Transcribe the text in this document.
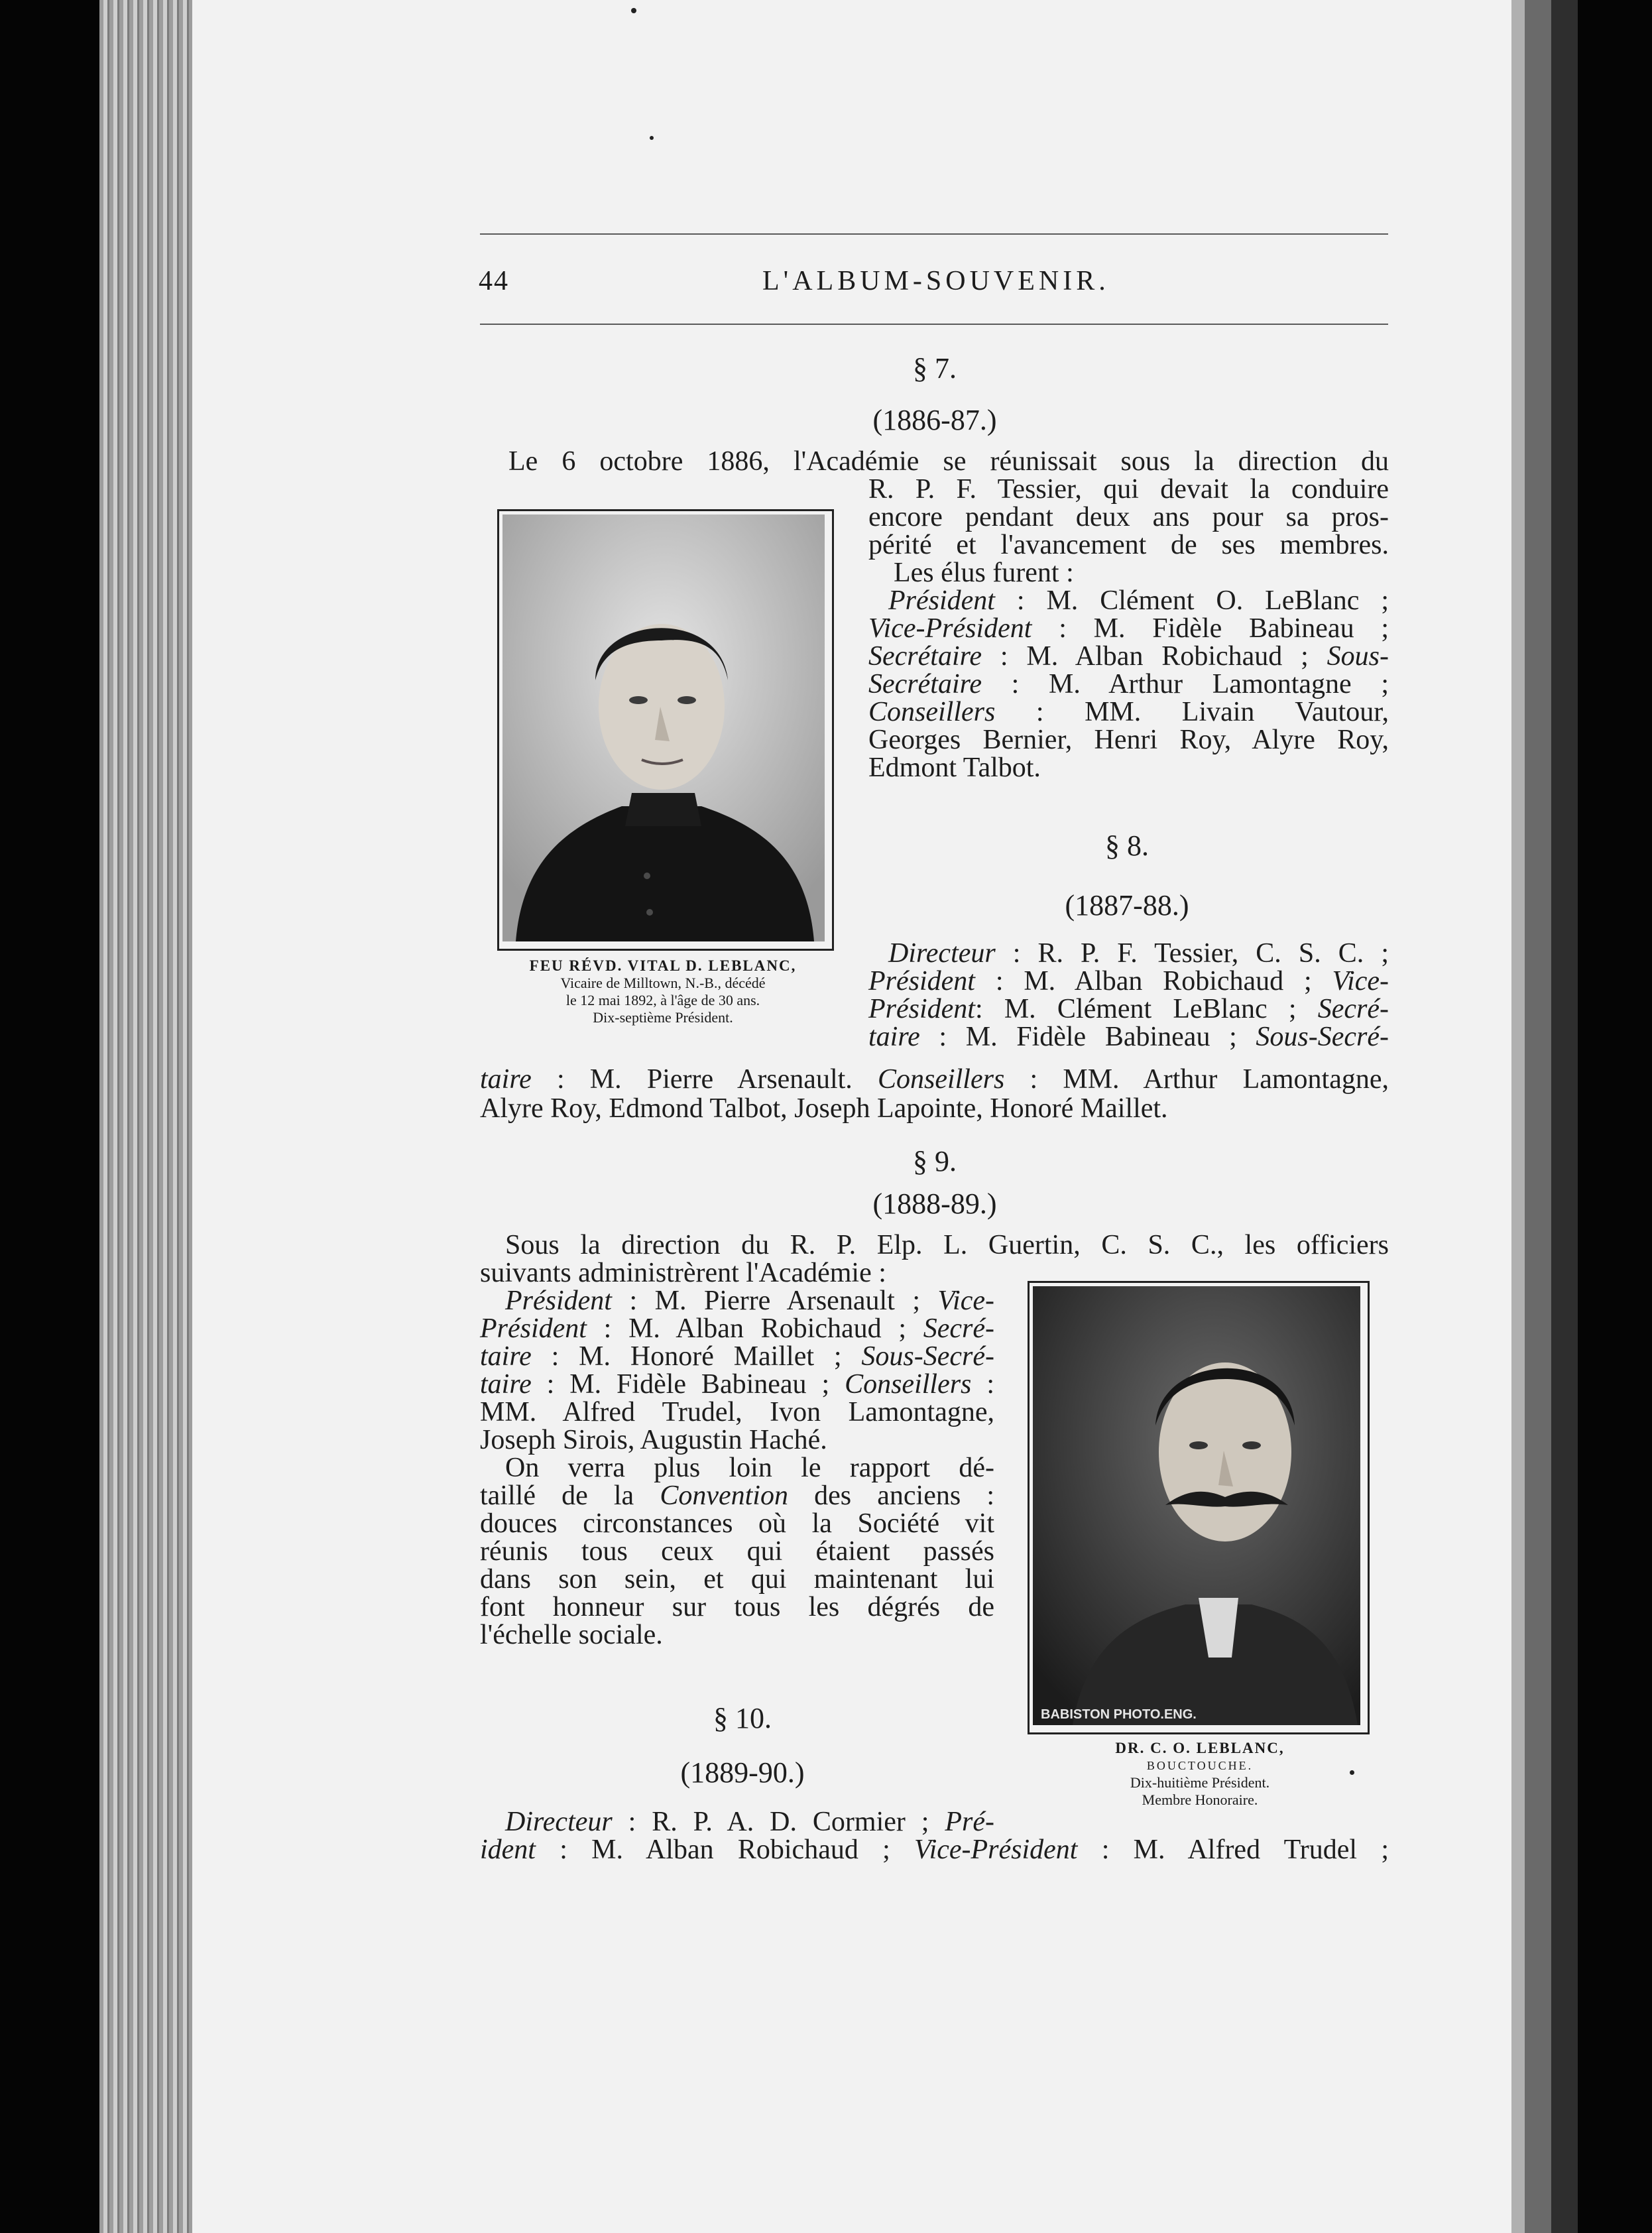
44	L'ALBUM-SOUVENIR.
§ 7.
(1886-87.)
Le 6 octobre 1886, l'Académie se réunissait sous la direction du
R. P. F. Tessier, qui devait la conduire
encore pendant deux ans pour sa pros-
périté et l'avancement de ses membres.
Les élus furent :
Président : M. Clément O. LeBlanc ;
Vice-Président : M. Fidèle Babineau ;
Secrétaire : M. Alban Robichaud ; Sous-
Secrétaire : M. Arthur Lamontagne ;
Conseillers : MM. Livain Vautour,
Georges Bernier, Henri Roy, Alyre Roy,
Edmont Talbot.
FEU RÉVD. VITAL D. LEBLANC,
Vicaire de Milltown, N.-B., décédé
le 12 mai 1892, à l'âge de 30 ans.
Dix-septième Président.
§ 8.
(1887-88.)
Directeur : R. P. F. Tessier, C. S. C. ;
Président : M. Alban Robichaud ; Vice-
Président: M. Clément LeBlanc ; Secré-
taire : M. Fidèle Babineau ; Sous-Secré-
taire : M. Pierre Arsenault. Conseillers : MM. Arthur Lamontagne,
Alyre Roy, Edmond Talbot, Joseph Lapointe, Honoré Maillet.
§ 9.
(1888-89.)
Sous la direction du R. P. Elp. L. Guertin, C. S. C., les officiers
suivants administrèrent l'Académie :
Président : M. Pierre Arsenault ; Vice-
Président : M. Alban Robichaud ; Secré-
taire : M. Honoré Maillet ; Sous-Secré-
taire : M. Fidèle Babineau ; Conseillers :
MM. Alfred Trudel, Ivon Lamontagne,
Joseph Sirois, Augustin Haché.
On verra plus loin le rapport dé-
taillé de la Convention des anciens :
douces circonstances où la Société vit
réunis tous ceux qui étaient passés
dans son sein, et qui maintenant lui
font honneur sur tous les dégrés de
l'échelle sociale.
BABISTON PHOTO.ENG.
DR. C. O. LEBLANC,
BOUCTOUCHE.
Dix-huitième Président.
Membre Honoraire.
§ 10.
(1889-90.)
Directeur : R. P. A. D. Cormier ; Pré-
ident : M. Alban Robichaud ; Vice-Président : M. Alfred Trudel ;
